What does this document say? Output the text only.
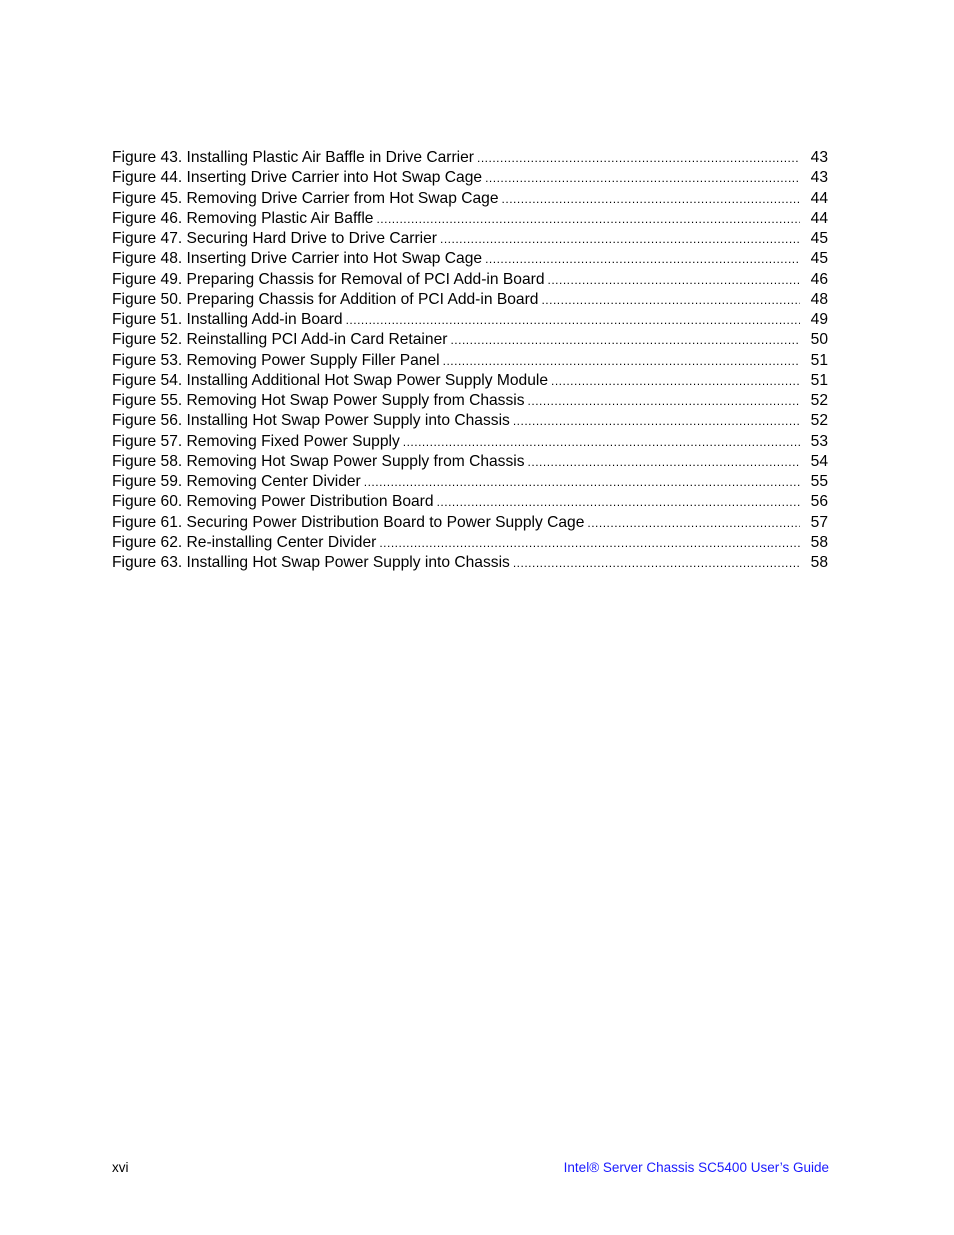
Figure 43. Installing Plastic Air Baffle in Drive Carrier .....	43
Figure 44. Inserting Drive Carrier into Hot Swap Cage .....	43
Figure 45. Removing Drive Carrier from Hot Swap Cage .....	44
Figure 46. Removing Plastic Air Baffle .....	44
Figure 47. Securing Hard Drive to Drive Carrier .....	45
Figure 48. Inserting Drive Carrier into Hot Swap Cage .....	45
Figure 49. Preparing Chassis for Removal of PCI Add-in Board .....	46
Figure 50. Preparing Chassis for Addition of PCI Add-in Board .....	48
Figure 51. Installing Add-in Board .....	49
Figure 52. Reinstalling PCI Add-in Card Retainer .....	50
Figure 53. Removing Power Supply Filler Panel .....	51
Figure 54. Installing Additional Hot Swap Power Supply Module .....	51
Figure 55. Removing Hot Swap Power Supply from Chassis .....	52
Figure 56. Installing Hot Swap Power Supply into Chassis .....	52
Figure 57. Removing Fixed Power Supply .....	53
Figure 58. Removing Hot Swap Power Supply from Chassis .....	54
Figure 59. Removing Center Divider .....	55
Figure 60. Removing Power Distribution Board .....	56
Figure 61. Securing Power Distribution Board to Power Supply Cage .....	57
Figure 62. Re-installing Center Divider .....	58
Figure 63. Installing Hot Swap Power Supply into Chassis .....	58
xvi	Intel® Server Chassis SC5400 User’s Guide
